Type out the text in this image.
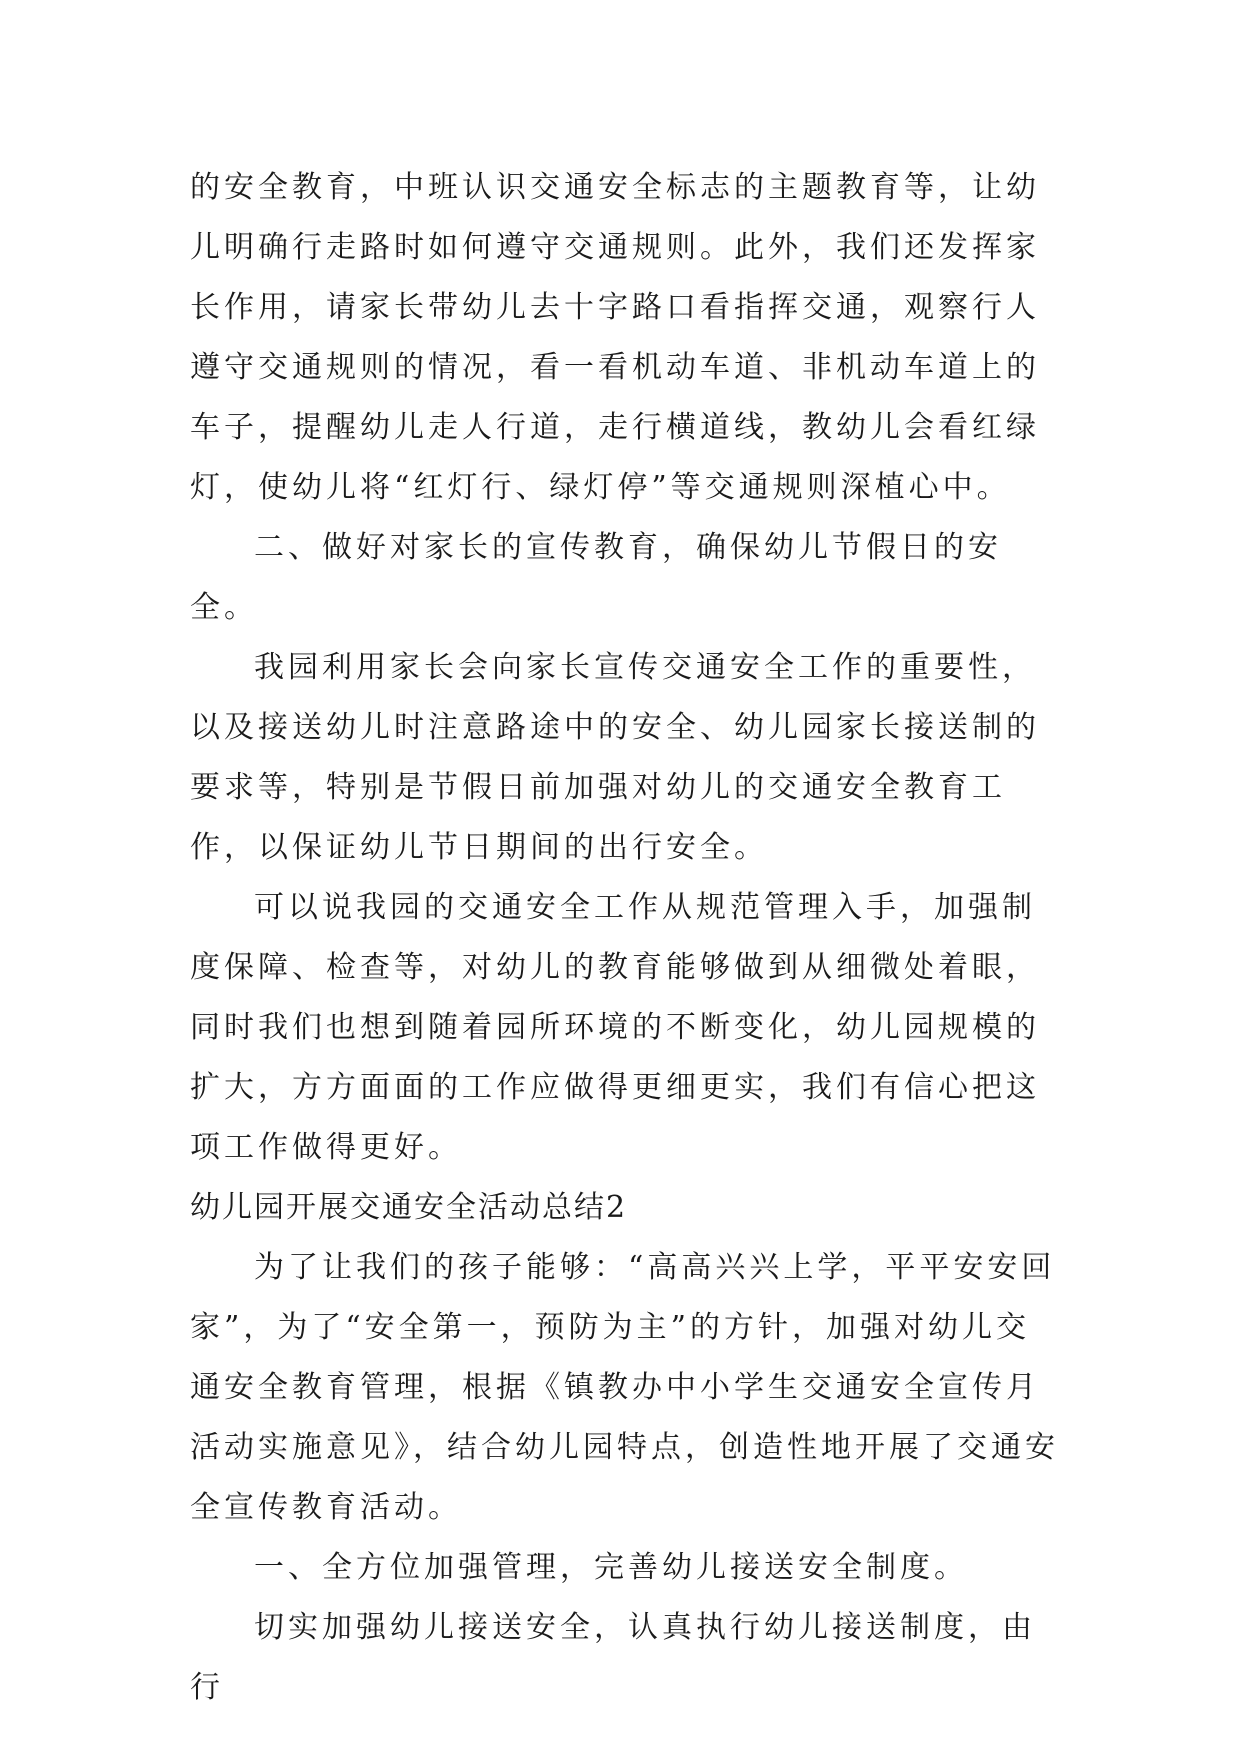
的安全教育，中班认识交通安全标志的主题教育等，让幼儿明确行走路时如何遵守交通规则。此外，我们还发挥家长作用，请家长带幼儿去十字路口看指挥交通，观察行人遵守交通规则的情况，看一看机动车道、非机动车道上的车子，提醒幼儿走人行道，走行横道线，教幼儿会看红绿灯，使幼儿将“红灯行、绿灯停”等交通规则深植心中。

二、做好对家长的宣传教育，确保幼儿节假日的安全。

我园利用家长会向家长宣传交通安全工作的重要性，以及接送幼儿时注意路途中的安全、幼儿园家长接送制的要求等，特别是节假日前加强对幼儿的交通安全教育工作，以保证幼儿节日期间的出行安全。

可以说我园的交通安全工作从规范管理入手，加强制度保障、检查等，对幼儿的教育能够做到从细微处着眼，同时我们也想到随着园所环境的不断变化，幼儿园规模的扩大，方方面面的工作应做得更细更实，我们有信心把这项工作做得更好。

幼儿园开展交通安全活动总结2

为了让我们的孩子能够：“高高兴兴上学，平平安安回家”，为了“安全第一，预防为主”的方针，加强对幼儿交通安全教育管理，根据《镇教办中小学生交通安全宣传月活动实施意见》，结合幼儿园特点，创造性地开展了交通安全宣传教育活动。

一、全方位加强管理，完善幼儿接送安全制度。

切实加强幼儿接送安全，认真执行幼儿接送制度，由行
